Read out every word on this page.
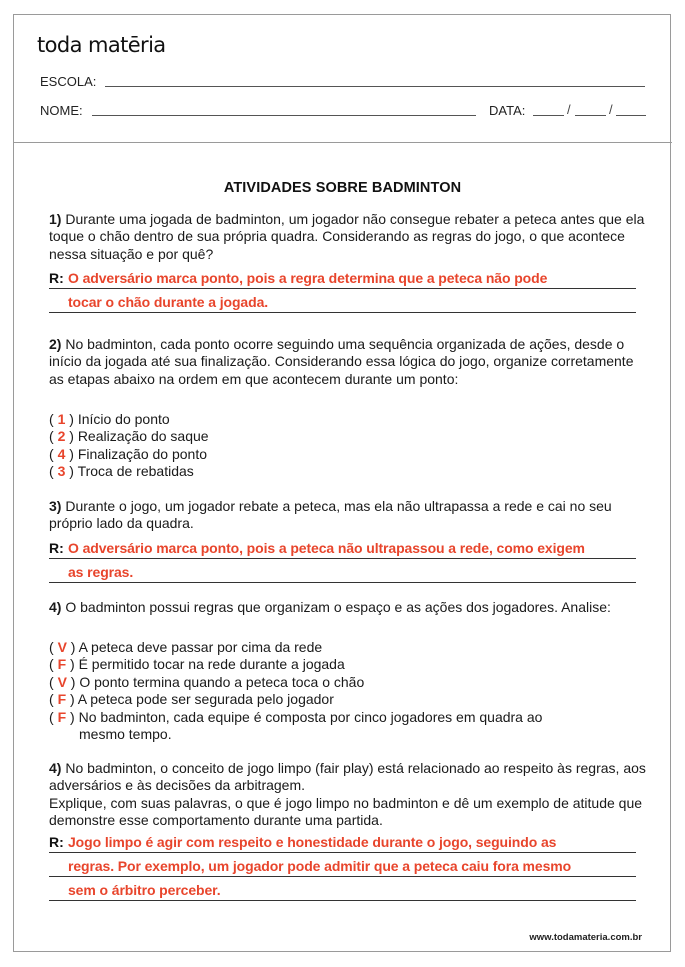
toda matēria
ESCOLA:
NOME:	DATA:	/	/
ATIVIDADES SOBRE BADMINTON
1) Durante uma jogada de badminton, um jogador não consegue rebater a peteca antes que ela toque o chão dentro de sua própria quadra. Considerando as regras do jogo, o que acontece nessa situação e por quê?
R: O adversário marca ponto, pois a regra determina que a peteca não pode
tocar o chão durante a jogada.
2) No badminton, cada ponto ocorre seguindo uma sequência organizada de ações, desde o início da jogada até sua finalização. Considerando essa lógica do jogo, organize corretamente as etapas abaixo na ordem em que acontecem durante um ponto:
( 1 ) Início do ponto
( 2 ) Realização do saque
( 4 ) Finalização do ponto
( 3 ) Troca de rebatidas
3) Durante o jogo, um jogador rebate a peteca, mas ela não ultrapassa a rede e cai no seu próprio lado da quadra.
R: O adversário marca ponto, pois a peteca não ultrapassou a rede, como exigem
as regras.
4) O badminton possui regras que organizam o espaço e as ações dos jogadores. Analise:
( V ) A peteca deve passar por cima da rede
( F ) É permitido tocar na rede durante a jogada
( V ) O ponto termina quando a peteca toca o chão
( F ) A peteca pode ser segurada pelo jogador
( F ) No badminton, cada equipe é composta por cinco jogadores em quadra ao
mesmo tempo.
4) No badminton, o conceito de jogo limpo (fair play) está relacionado ao respeito às regras, aos adversários e às decisões da arbitragem.
Explique, com suas palavras, o que é jogo limpo no badminton e dê um exemplo de atitude que demonstre esse comportamento durante uma partida.
R: Jogo limpo é agir com respeito e honestidade durante o jogo, seguindo as
regras. Por exemplo, um jogador pode admitir que a peteca caiu fora mesmo
sem o árbitro perceber.
www.todamateria.com.br
